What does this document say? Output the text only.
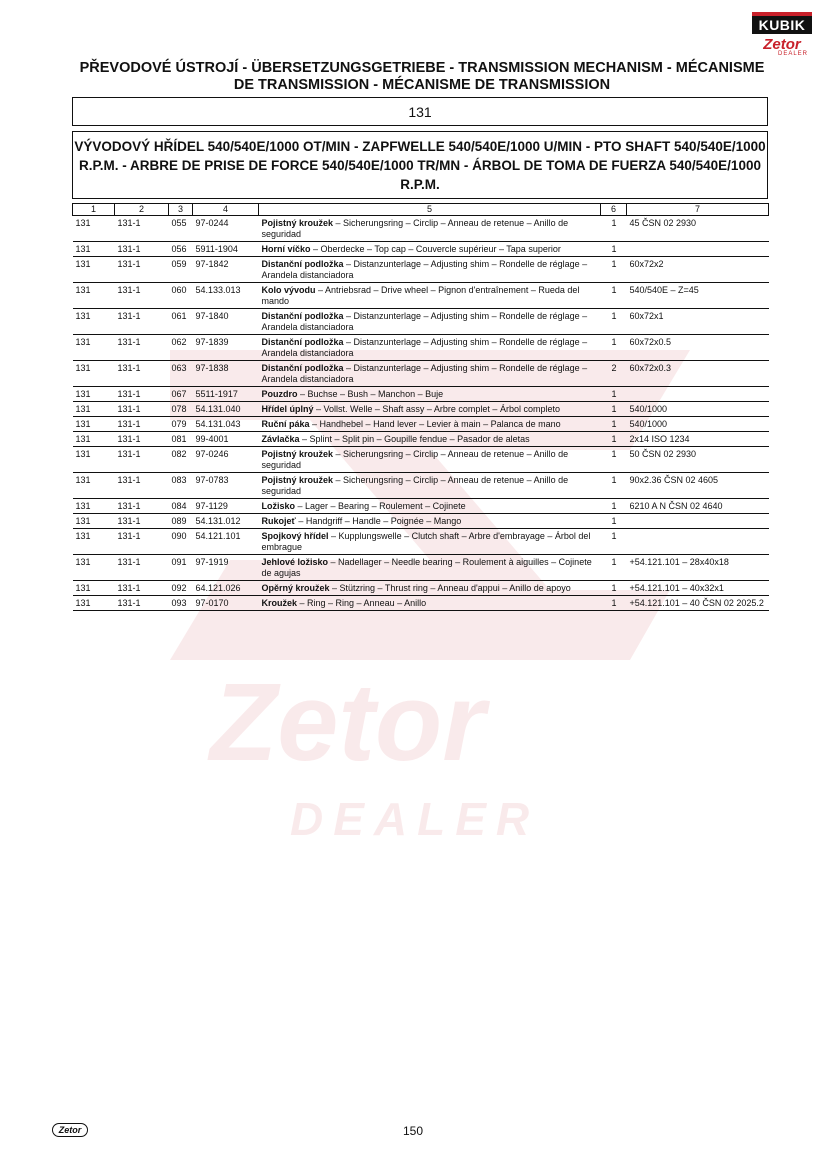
Zetor
DEALER
KUBIK
Zetor
DEALER
PŘEVODOVÉ ÚSTROJÍ - ÜBERSETZUNGSGETRIEBE - TRANSMISSION MECHANISM - MÉCANISME DE TRANSMISSION - MÉCANISME DE TRANSMISSION
131
VÝVODOVÝ HŘÍDEL 540/540E/1000 OT/MIN - ZAPFWELLE 540/540E/1000 U/MIN - PTO SHAFT 540/540E/1000 R.P.M. - ARBRE DE PRISE DE FORCE 540/540E/1000 TR/MN - ÁRBOL DE TOMA DE FUERZA 540/540E/1000 R.P.M.
1	2	3	4	5	6	7
131	131-1	055	97-0244	Pojistný kroužek – Sicherungsring – Circlip – Anneau de retenue – Anillo de seguridad	1	45 ČSN 02 2930
131	131-1	056	5911-1904	Horní víčko – Oberdecke – Top cap – Couvercle supérieur – Tapa superior	1	
131	131-1	059	97-1842	Distanční podložka – Distanzunterlage – Adjusting shim – Rondelle de réglage – Arandela distanciadora	1	60x72x2
131	131-1	060	54.133.013	Kolo vývodu – Antriebsrad – Drive wheel – Pignon d'entraînement – Rueda del mando	1	540/540E – Z=45
131	131-1	061	97-1840	Distanční podložka – Distanzunterlage – Adjusting shim – Rondelle de réglage – Arandela distanciadora	1	60x72x1
131	131-1	062	97-1839	Distanční podložka – Distanzunterlage – Adjusting shim – Rondelle de réglage – Arandela distanciadora	1	60x72x0.5
131	131-1	063	97-1838	Distanční podložka – Distanzunterlage – Adjusting shim – Rondelle de réglage – Arandela distanciadora	2	60x72x0.3
131	131-1	067	5511-1917	Pouzdro – Buchse – Bush – Manchon – Buje	1	
131	131-1	078	54.131.040	Hřídel úplný – Vollst. Welle – Shaft assy – Arbre complet – Árbol completo	1	540/1000
131	131-1	079	54.131.043	Ruční páka – Handhebel – Hand lever – Levier à main – Palanca de mano	1	540/1000
131	131-1	081	99-4001	Závlačka – Splint – Split pin – Goupille fendue – Pasador de aletas	1	2x14 ISO 1234
131	131-1	082	97-0246	Pojistný kroužek – Sicherungsring – Circlip – Anneau de retenue – Anillo de seguridad	1	50 ČSN 02 2930
131	131-1	083	97-0783	Pojistný kroužek – Sicherungsring – Circlip – Anneau de retenue – Anillo de seguridad	1	90x2.36 ČSN 02 4605
131	131-1	084	97-1129	Ložisko – Lager – Bearing – Roulement – Cojinete	1	6210 A N ČSN 02 4640
131	131-1	089	54.131.012	Rukojeť – Handgriff – Handle – Poignée – Mango	1	
131	131-1	090	54.121.101	Spojkový hřídel – Kupplungswelle – Clutch shaft – Arbre d'embrayage – Árbol del embrague	1	
131	131-1	091	97-1919	Jehlové ložisko – Nadellager – Needle bearing – Roulement à aiguilles – Cojinete de agujas	1	+54.121.101 – 28x40x18
131	131-1	092	64.121.026	Opěrný kroužek – Stützring – Thrust ring – Anneau d'appui – Anillo de apoyo	1	+54.121.101 – 40x32x1
131	131-1	093	97-0170	Kroužek – Ring – Ring – Anneau – Anillo	1	+54.121.101 – 40 ČSN 02 2025.2
Zetor	150
